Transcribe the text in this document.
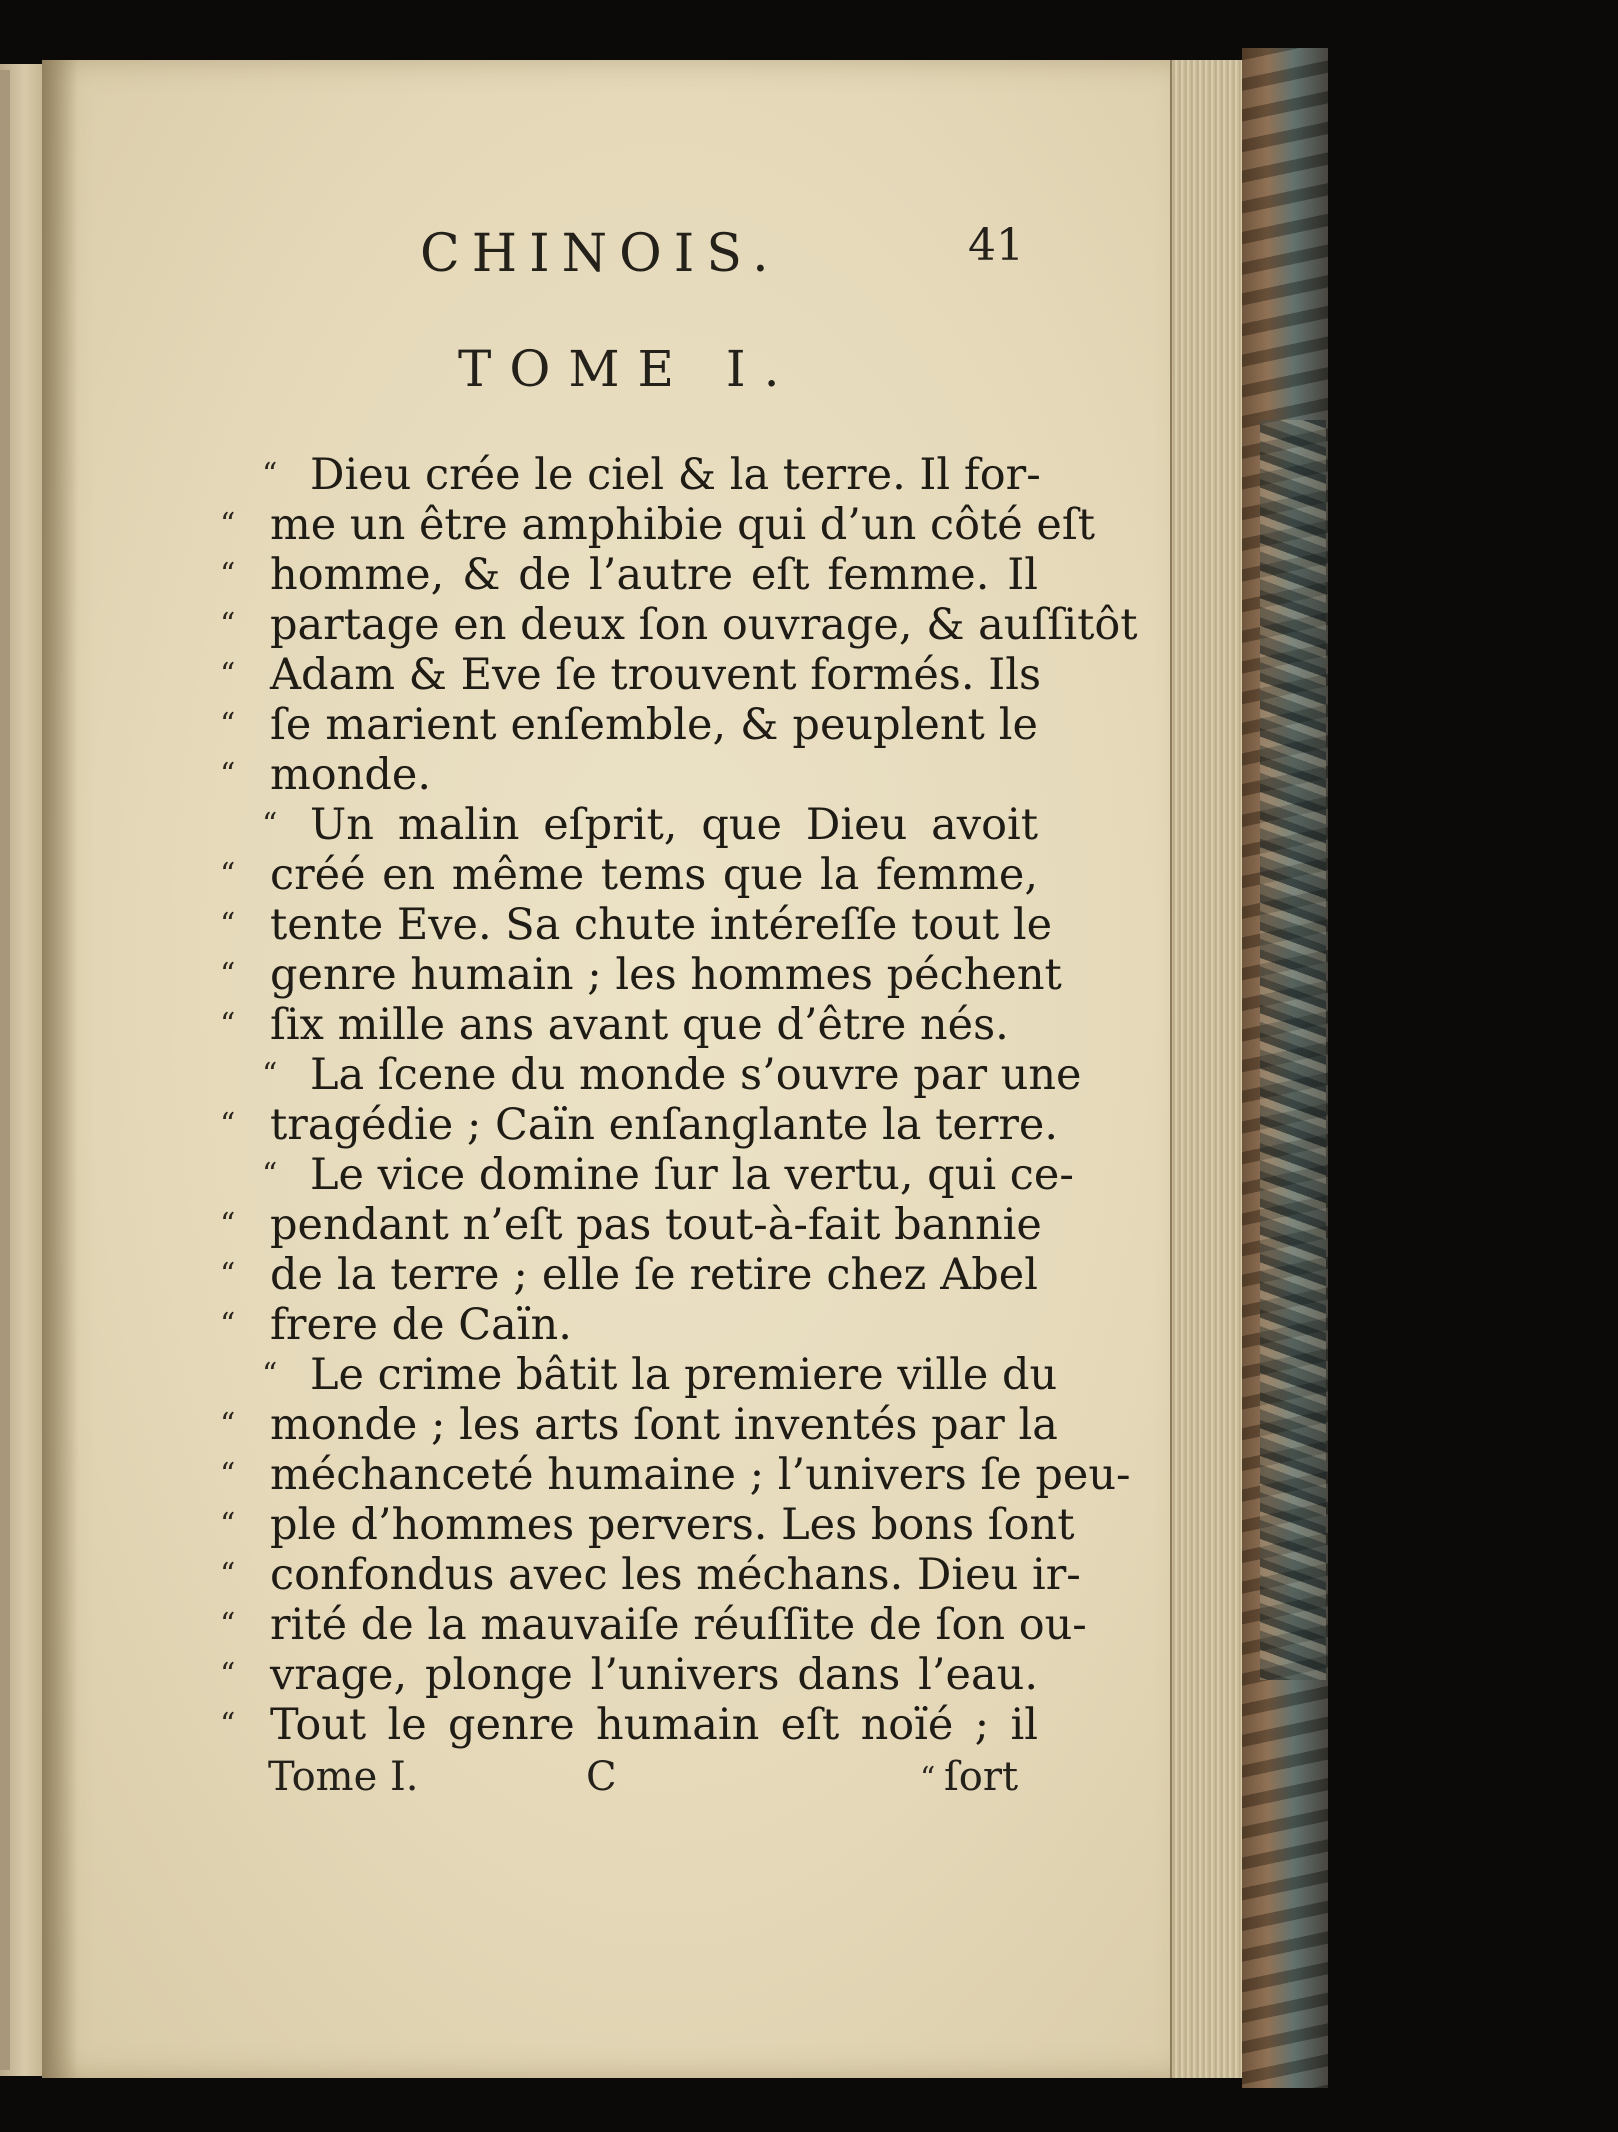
CHINOIS.	41
TOME I.
Dieu crée le ciel & la terre. Il for-
me un être amphibie qui d’un côté eſt
homme, & de l’autre eſt femme. Il
partage en deux ſon ouvrage, & auſſitôt
Adam & Eve ſe trouvent formés. Ils
ſe marient enſemble, & peuplent le
monde.
Un malin eſprit, que Dieu avoit
créé en même tems que la femme,
tente Eve. Sa chute intéreſſe tout le
genre humain ; les hommes péchent
ſix mille ans avant que d’être nés.
La ſcene du monde s’ouvre par une
tragédie ; Caïn enſanglante la terre.
Le vice domine ſur la vertu, qui ce-
pendant n’eſt pas tout-à-fait bannie
de la terre ; elle ſe retire chez Abel
frere de Caïn.
Le crime bâtit la premiere ville du
monde ; les arts ſont inventés par la
méchanceté humaine ; l’univers ſe peu-
ple d’hommes pervers. Les bons ſont
confondus avec les méchans. Dieu ir-
rité de la mauvaiſe réuſſite de ſon ou-
vrage, plonge l’univers dans l’eau.
Tout le genre humain eſt noïé ; il
“
“
“
“
“
“
“
“
“
“
“
“
“
“
“
“
“
“
“
“
“
“
“
“
“
“
Tome I.	C	“ ſort
